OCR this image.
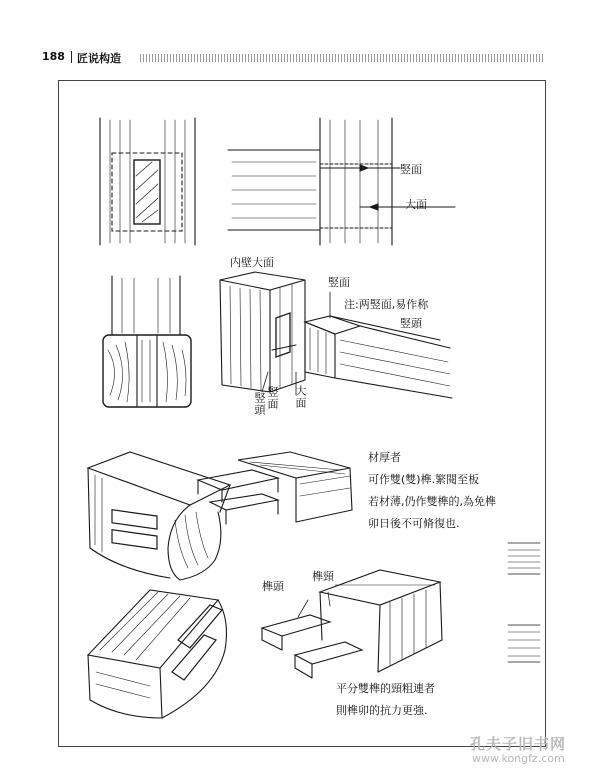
188 匠说构造
竪面
大面
内壁大面
竪面
注:两竪面,易作称
竪頭
竪頭 竪面 大面
榫頭
榫頸
材厚者
可作雙(雙)榫.繁閱至板
若材薄,仍作雙榫的,為免榫
卯日後不可脩復也.
平分雙榫的頸粗連者
則榫卯的抗力更強.
孔夫子旧书网
www.kongfz.com
